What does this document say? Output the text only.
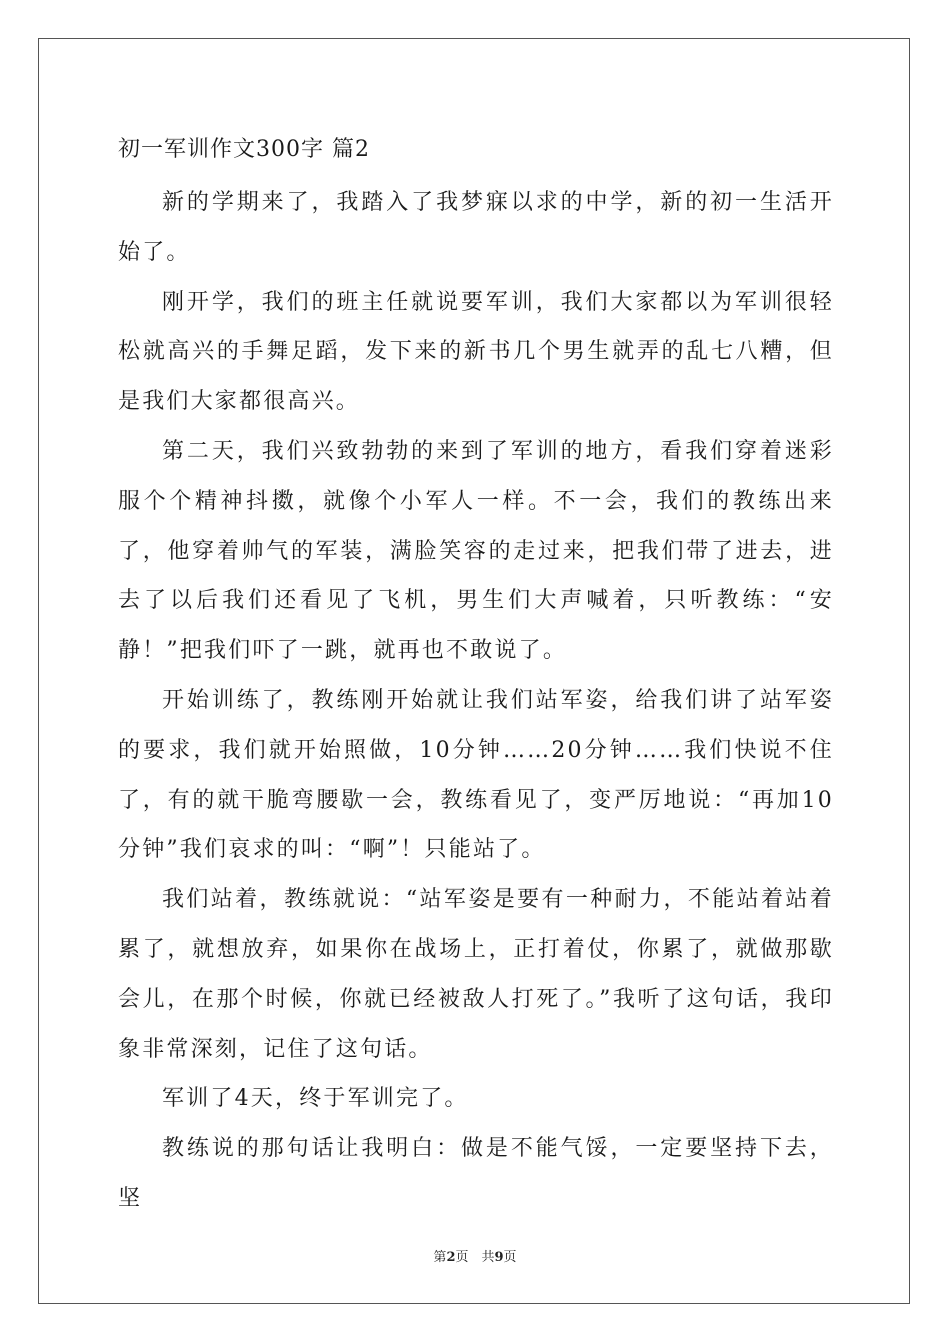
初一军训作文300字 篇2

新的学期来了，我踏入了我梦寐以求的中学，新的初一生活开始了。

刚开学，我们的班主任就说要军训，我们大家都以为军训很轻松就高兴的手舞足蹈，发下来的新书几个男生就弄的乱七八糟，但是我们大家都很高兴。

第二天，我们兴致勃勃的来到了军训的地方，看我们穿着迷彩服个个精神抖擞，就像个小军人一样。不一会，我们的教练出来了，他穿着帅气的军装，满脸笑容的走过来，把我们带了进去，进去了以后我们还看见了飞机，男生们大声喊着，只听教练：“安静！”把我们吓了一跳，就再也不敢说了。

开始训练了，教练刚开始就让我们站军姿，给我们讲了站军姿的要求，我们就开始照做，10分钟……20分钟……我们快说不住了，有的就干脆弯腰歇一会，教练看见了，变严厉地说：“再加10分钟”我们哀求的叫：“啊”！只能站了。

我们站着，教练就说：“站军姿是要有一种耐力，不能站着站着累了，就想放弃，如果你在战场上，正打着仗，你累了，就做那歇会儿，在那个时候，你就已经被敌人打死了。”我听了这句话，我印象非常深刻，记住了这句话。

军训了4天，终于军训完了。

教练说的那句话让我明白：做是不能气馁，一定要坚持下去，坚

第2页　共9页
